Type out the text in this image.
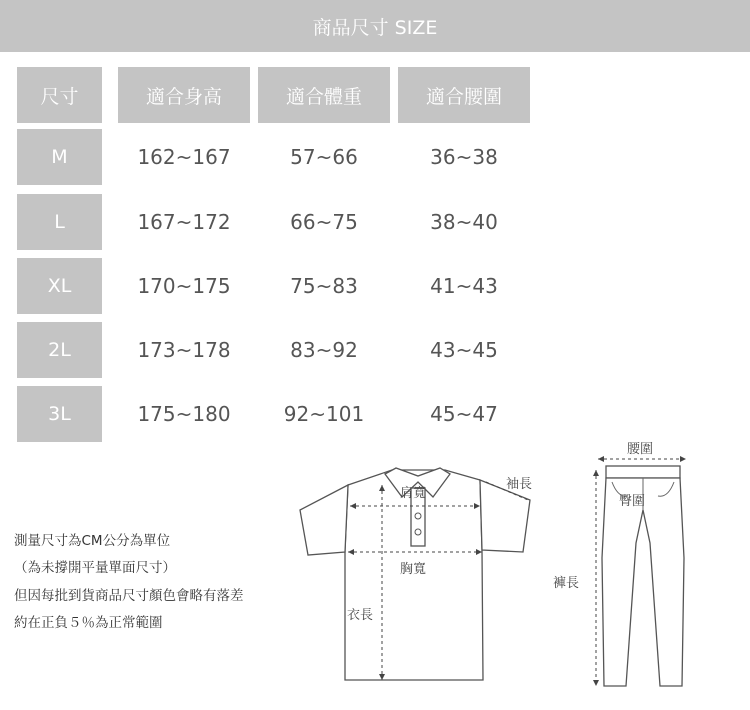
商品尺寸 SIZE
尺寸	適合身高	適合體重	適合腰圍
M	162~167	57~66	36~38
L	167~172	66~75	38~40
XL	170~175	75~83	41~43
2L	173~178	83~92	43~45
3L	175~180	92~101	45~47
測量尺寸為CM公分為單位
（為未撐開平量單面尺寸）
但因每批到貨商品尺寸顏色會略有落差
約在正負５％為正常範圍
肩寬
袖長
胸寬
衣長
腰圍
臀圍
褲長
